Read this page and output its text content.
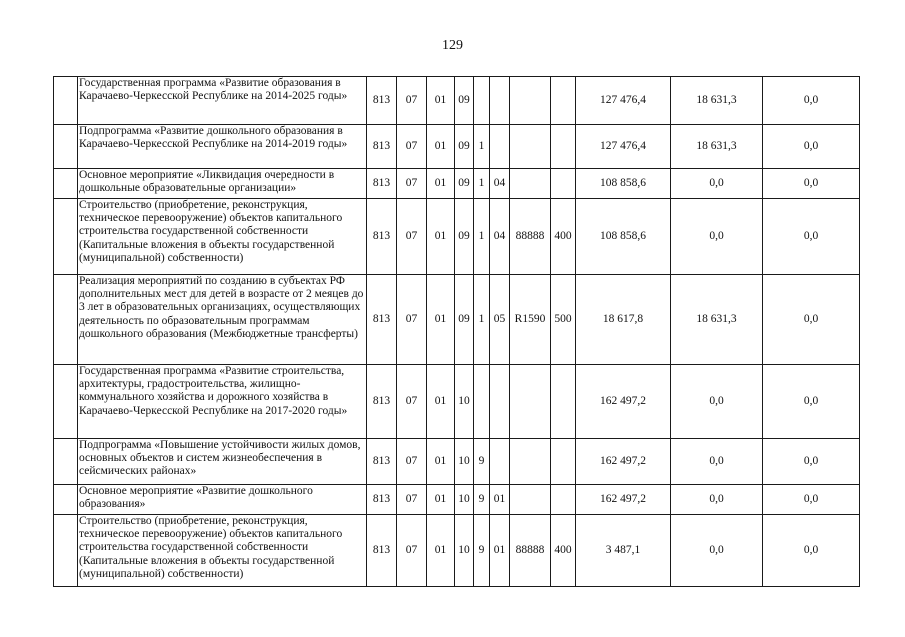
129
	Государственная программа «Развитие образования в Карачаево-Черкесской Республике на 2014-2025 годы»	813	07	01	09					127 476,4	18 631,3	0,0
	Подпрограмма «Развитие дошкольного образования в Карачаево-Черкесской Республике на 2014-2019 годы»	813	07	01	09	1				127 476,4	18 631,3	0,0
	Основное мероприятие «Ликвидация очередности в дошкольные образовательные организации»	813	07	01	09	1	04			108 858,6	0,0	0,0
	Строительство (приобретение, реконструкция, техническое перевооружение) объектов капитального строительства государственной собственности (Капитальные вложения в объекты государственной (муниципальной) собственности)	813	07	01	09	1	04	88888	400	108 858,6	0,0	0,0
	Реализация мероприятий по созданию в субъектах РФ дополнительных мест для детей в возрасте от 2 меяцев до 3 лет в образовательных организациях, осуществляющих деятельность по образовательным программам дошкольного образования (Межбюджетные трансферты)	813	07	01	09	1	05	R1590	500	18 617,8	18 631,3	0,0
	Государственная программа «Развитие строительства, архитектуры, градостроительства, жилищно-коммунального хозяйства и дорожного хозяйства в Карачаево-Черкесской Республике на 2017-2020 годы»	813	07	01	10					162 497,2	0,0	0,0
	Подпрограмма «Повышение устойчивости жилых домов, основных объектов и систем жизнеобеспечения в сейсмических районах»	813	07	01	10	9				162 497,2	0,0	0,0
	Основное мероприятие «Развитие дошкольного образования»	813	07	01	10	9	01			162 497,2	0,0	0,0
	Строительство (приобретение, реконструкция, техническое перевооружение) объектов капитального строительства государственной собственности (Капитальные вложения в объекты государственной (муниципальной) собственности)	813	07	01	10	9	01	88888	400	3 487,1	0,0	0,0
